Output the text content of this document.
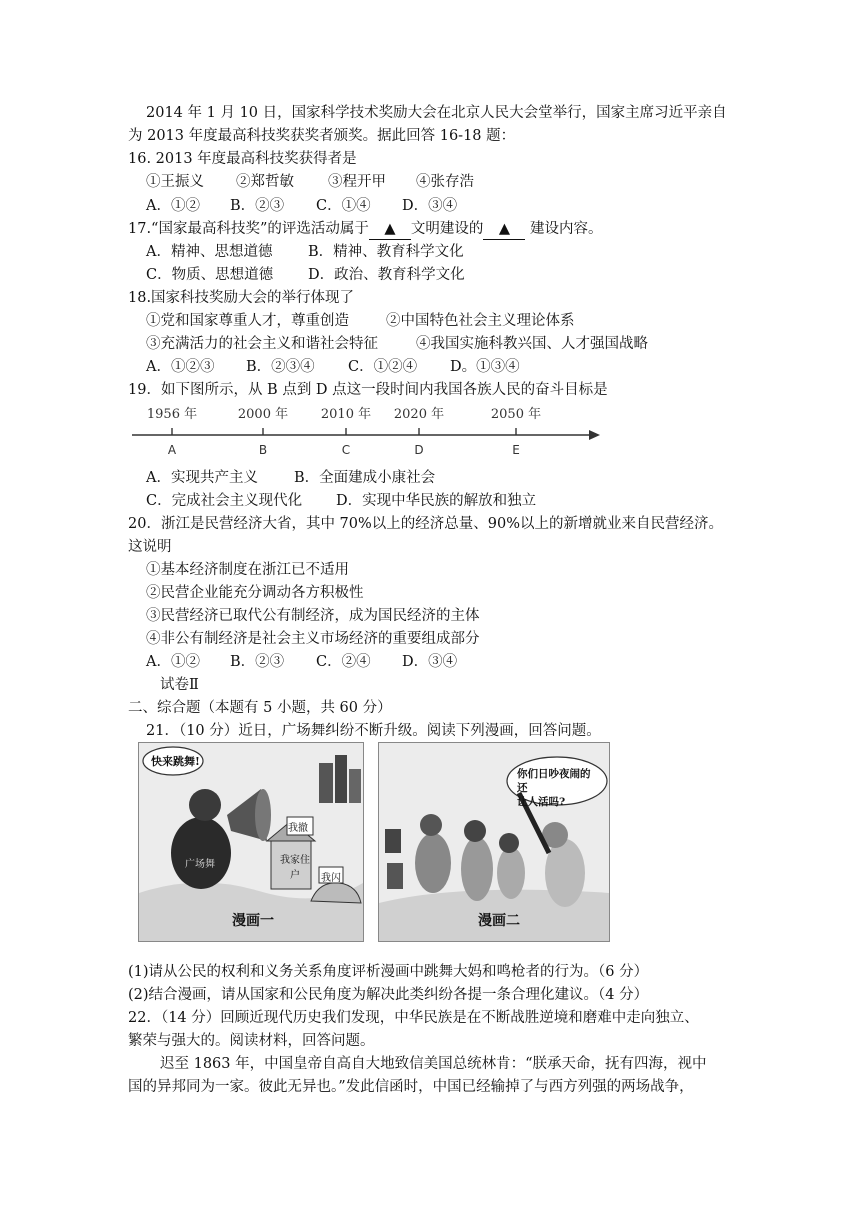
2014 年 1 月 10 日，国家科学技术奖励大会在北京人民大会堂举行，国家主席习近平亲自
为 2013 年度最高科技奖获奖者颁奖。据此回答 16-18 题：
16. 2013 年度最高科技奖获得者是
①王振义 ②郑哲敏 ③程开甲 ④张存浩
A．①② B．②③ C．①④ D．③④
17.“国家最高科技奖”的评选活动属于 ▲ 文明建设的 ▲ 建设内容。
A．精神、思想道德 B．精神、教育科学文化
C．物质、思想道德 D．政治、教育科学文化
18.国家科技奖励大会的举行体现了
①党和国家尊重人才，尊重创造	②中国特色社会主义理论体系
③充满活力的社会主义和谐社会特征	④我国实施科教兴国、人才强国战略
A．①②③ B．②③④ C．①②④ D。①③④
19．如下图所示，从 B 点到 D 点这一段时间内我国各族人民的奋斗目标是
1956 年
A
2000 年
B
2010 年
C
2020 年
D
2050 年
E
A．实现共产主义 B．全面建成小康社会
C．完成社会主义现代化 D．实现中华民族的解放和独立
20．浙江是民营经济大省，其中 70%以上的经济总量、90%以上的新增就业来自民营经济。
这说明
①基本经济制度在浙江已不适用
②民营企业能充分调动各方积极性
③民营经济已取代公有制经济，成为国民经济的主体
④非公有制经济是社会主义市场经济的重要组成部分
A．①② B．②③ C．②④ D．③④
试卷Ⅱ
二、综合题（本题有 5 小题，共 60 分）
21．（10 分）近日，广场舞纠纷不断升级。阅读下列漫画，回答问题。
快来跳舞!
广场舞
我撤
我家住户	我闪
漫画一
你们日吵夜闹的还
让人活吗?
漫画二
(1)请从公民的权利和义务关系角度评析漫画中跳舞大妈和鸣枪者的行为。（6 分）
(2)结合漫画，请从国家和公民角度为解决此类纠纷各提一条合理化建议。（4 分）
22．（14 分）回顾近现代历史我们发现，中华民族是在不断战胜逆境和磨难中走向独立、
繁荣与强大的。阅读材料，回答问题。
迟至 1863 年，中国皇帝自高自大地致信美国总统林肯：“朕承天命，抚有四海，视中
国的异邦同为一家。彼此无异也。”发此信函时，中国已经输掉了与西方列强的两场战争，
